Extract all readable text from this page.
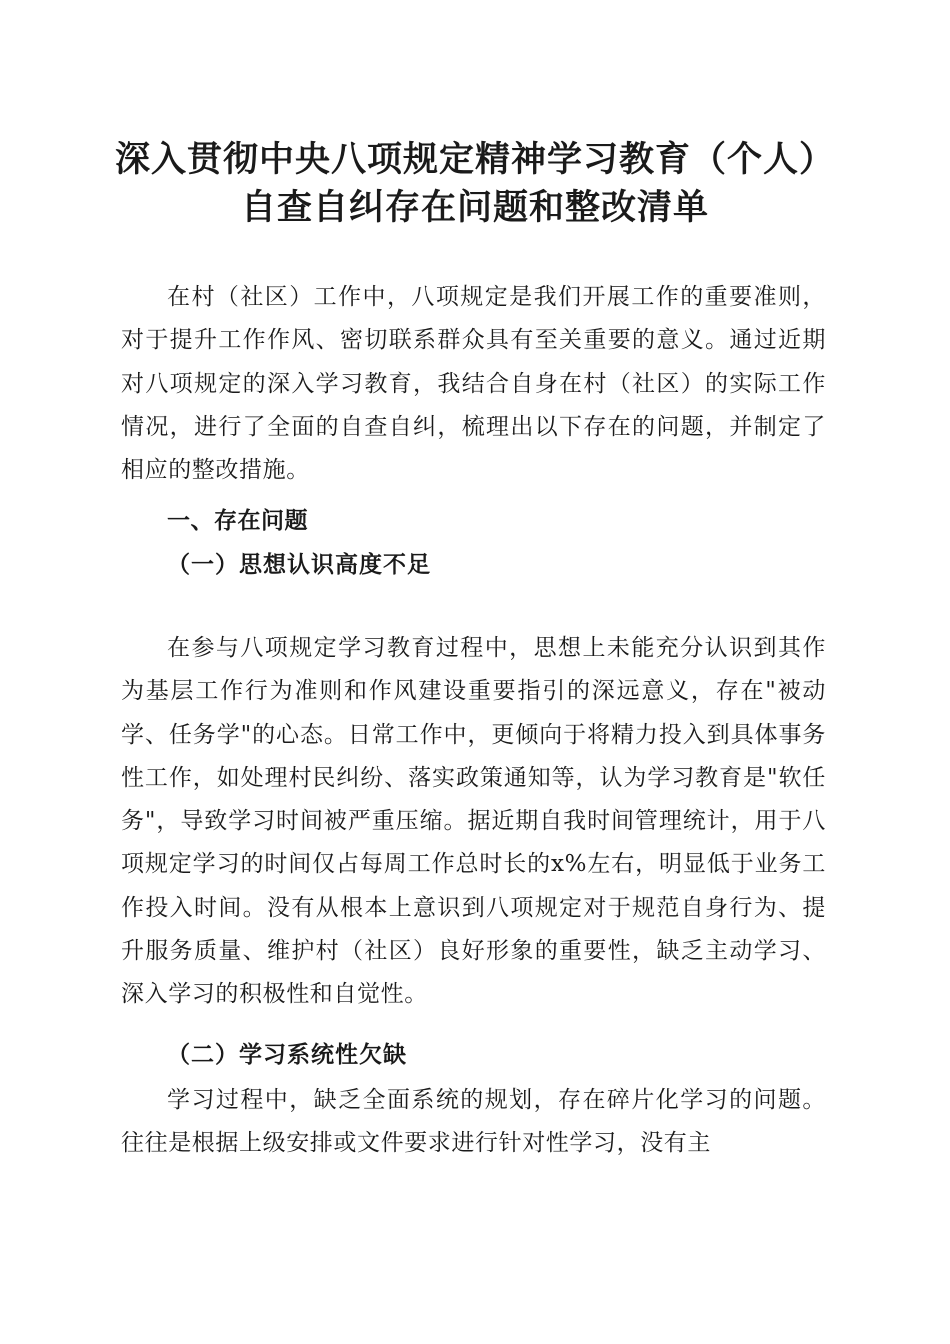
深入贯彻中央八项规定精神学习教育（个人）
自查自纠存在问题和整改清单

在村（社区）工作中，八项规定是我们开展工作的重要准则，对于提升工作作风、密切联系群众具有至关重要的意义。通过近期对八项规定的深入学习教育，我结合自身在村（社区）的实际工作情况，进行了全面的自查自纠，梳理出以下存在的问题，并制定了相应的整改措施。

一、存在问题
（一）思想认识高度不足

在参与八项规定学习教育过程中，思想上未能充分认识到其作为基层工作行为准则和作风建设重要指引的深远意义，存在"被动学、任务学"的心态。日常工作中，更倾向于将精力投入到具体事务性工作，如处理村民纠纷、落实政策通知等，认为学习教育是"软任务"，导致学习时间被严重压缩。据近期自我时间管理统计，用于八项规定学习的时间仅占每周工作总时长的x%左右，明显低于业务工作投入时间。没有从根本上意识到八项规定对于规范自身行为、提升服务质量、维护村（社区）良好形象的重要性，缺乏主动学习、深入学习的积极性和自觉性。

（二）学习系统性欠缺

学习过程中，缺乏全面系统的规划，存在碎片化学习的问题。往往是根据上级安排或文件要求进行针对性学习，没有主
